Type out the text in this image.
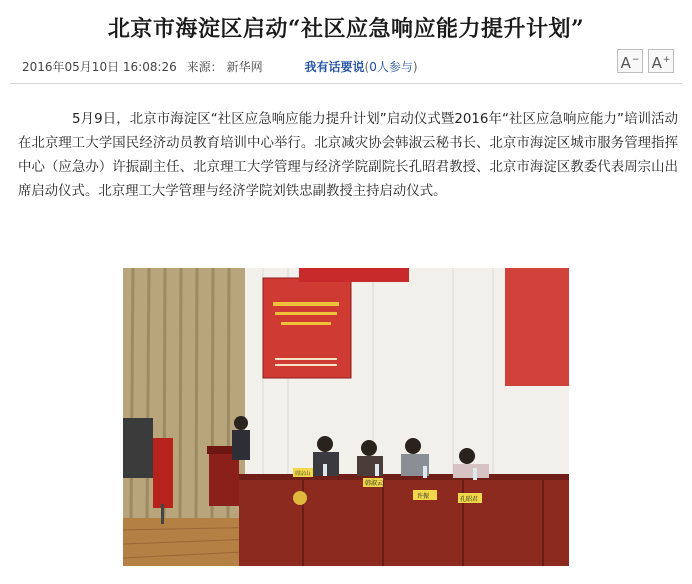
北京市海淀区启动“社区应急响应能力提升计划”
2016年05月10日 16:08:26 来源： 新华网	我有话要说(0人参与)	A− A+
5月9日，北京市海淀区“社区应急响应能力提升计划”启动仪式暨2016年“社区应急响应能力”培训活动在北京理工大学国民经济动员教育培训中心举行。北京减灾协会韩淑云秘书长、北京市海淀区城市服务管理指挥中心（应急办）许振副主任、北京理工大学管理与经济学院副院长孔昭君教授、北京市海淀区教委代表周宗山出席启动仪式。北京理工大学管理与经济学院刘铁忠副教授主持启动仪式。
韩淑云
许振	孔昭君
周宗山
